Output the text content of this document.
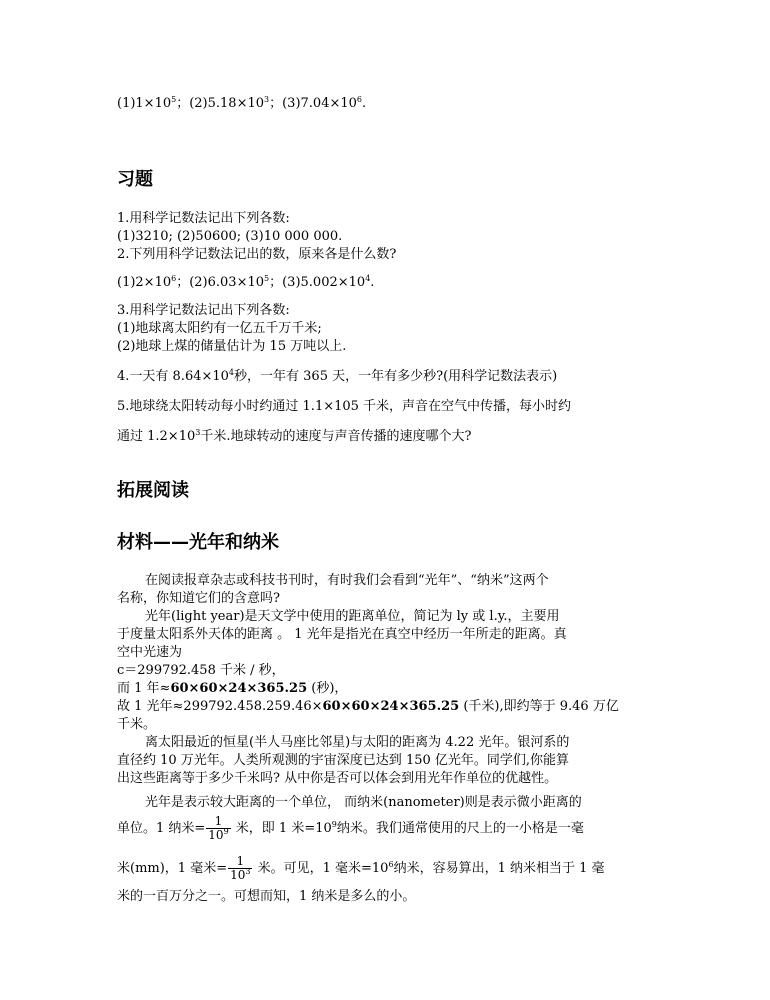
$(1)1\times 10^5$；$(2)5.18\times 10^3$；$(3)7.04\times 10^6$.
习题
1.用科学记数法记出下列各数:
(1)3210; (2)50600; (3)10 000 000.
2.下列用科学记数法记出的数，原来各是什么数?
$(1)2\times 10^6$；$(2)6.03\times 10^5$；$(3)5.002\times 10^4$.
3.用科学记数法记出下列各数:
(1)地球离太阳约有一亿五千万千米;
(2)地球上煤的储量估计为 15 万吨以上.
4.一天有 $8.64\times 10^4$秒，一年有 365 天，一年有多少秒?(用科学记数法表示)
5.地球绕太阳转动每小时约通过 1.1×105 千米，声音在空气中传播，每小时约
通过 $1.2\times 10^3$千米.地球转动的速度与声音传播的速度哪个大?
拓展阅读
材料——光年和纳米
在阅读报章杂志或科技书刊时，有时我们会看到“光年”、“纳米”这两个
名称，你知道它们的含意吗?
光年(light year)是天文学中使用的距离单位，简记为 ly 或 l.y.，主要用
于度量太阳系外天体的距离 。 1 光年是指光在真空中经历一年所走的距离。真
空中光速为
c＝299792.458 千米 / 秒，
而 1 年≈60×60×24×365.25 (秒)，
故 1 光年≈299792.458.259.46×60×60×24×365.25 (千米),即约等于 9.46 万亿
千米。
离太阳最近的恒星(半人马座比邻星)与太阳的距离为 4.22 光年。银河系的
直径约 10 万光年。人类所观测的宇宙深度已达到 150 亿光年。同学们,你能算
出这些距离等于多少千米吗? 从中你是否可以体会到用光年作单位的优越性。
光年是表示较大距离的一个单位， 而纳米(nanometer)则是表示微小距离的
单位。1 纳米= $\frac{1}{10^9}$ 米，即 1 米$=10^9$纳米。我们通常使用的尺上的一小格是一毫
米(mm)，1 毫米= $\frac{1}{10^3}$ 米。可见，1 毫米$=10^6$纳米，容易算出，1 纳米相当于 1 毫
米的一百万分之一。可想而知，1 纳米是多么的小。
